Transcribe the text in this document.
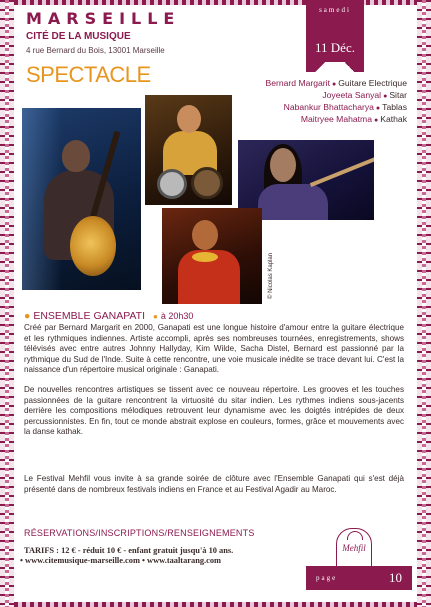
MARSEILLE
CITÉ DE LA MUSIQUE
4 rue Bernard du Bois, 13001 Marseille
SPECTACLE
samedi
11 Déc.
Bernard Margarit ● Guitare Electrique
Joyeeta Sanyal ● Sitar
Nabankur Bhattacharya ● Tablas
Maitryee Mahatma ● Kathak
© Nicolas Kaplan
● ENSEMBLE GANAPATI ● à 20h30
Créé par Bernard Margarit en 2000, Ganapati est une longue histoire d'amour entre la guitare électrique et les rythmiques indiennes. Artiste accompli, après ses nombreuses tournées, enregistrements, shows télévisés avec entre autres Johnny Hallyday, Kim Wilde, Sacha Distel, Bernard est passionné par la rythmique du Sud de l'Inde. Suite à cette rencontre, une voie musicale inédite se trace devant lui. C'est la naissance d'un répertoire musical originale : Ganapati.
De nouvelles rencontres artistiques se tissent avec ce nouveau répertoire. Les grooves et les touches passionnées de la guitare rencontrent la virtuosité du sitar indien. Les rythmes indiens sous-jacents derrière les compositions mélodiques retrouvent leur dynamisme avec les doigtés intrépides de deux percussionnistes. En fin, tout ce monde abstrait explose en couleurs, formes, grâce et mouvements avec la danse kathak.
Le Festival Mehfil vous invite à sa grande soirée de clôture avec l'Ensemble Ganapati qui s'est déjà présenté dans de nombreux festivals indiens en France et au Festival Agadir au Maroc.
RÉSERVATIONS/INSCRIPTIONS/RENSEIGNEMENTS
TARIFS : 12 € - réduit 10 € - enfant gratuit jusqu'à 10 ans.
• www.citemusique-marseille.com • www.taaltarang.com
Mehfil
page	10
